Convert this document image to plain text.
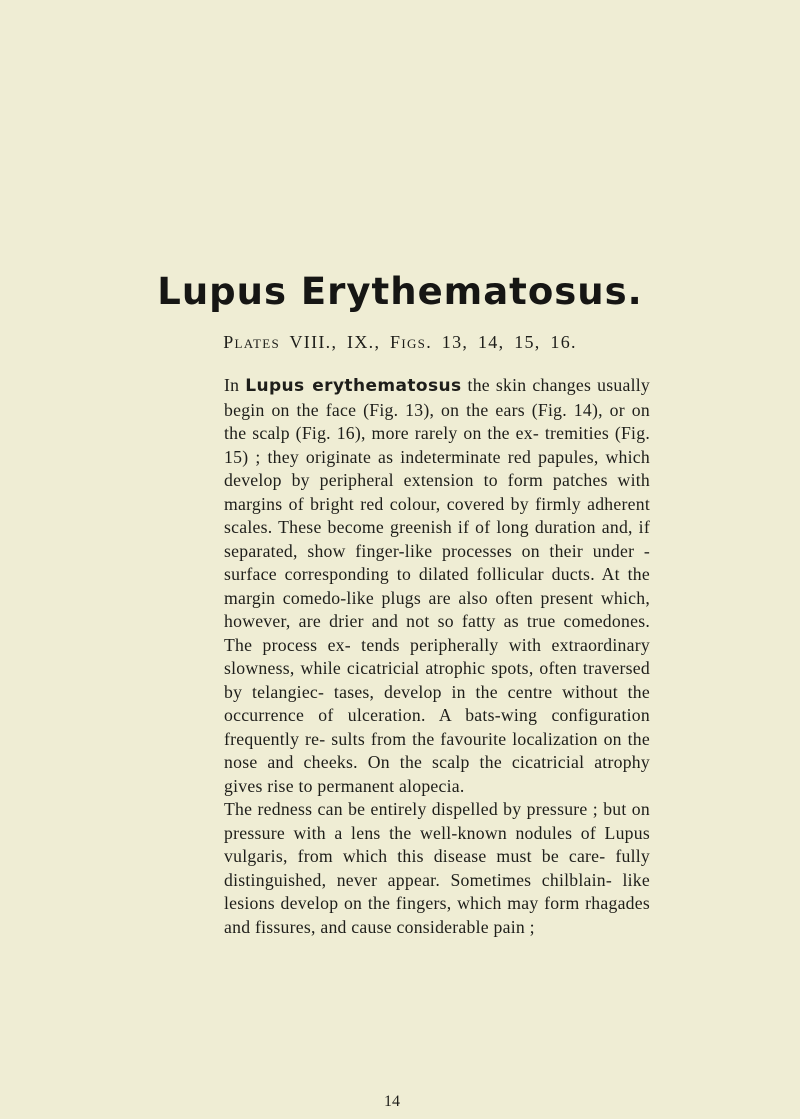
Lupus Erythematosus.
Plates VIII., IX., Figs. 13, 14, 15, 16.

In Lupus erythematosus the skin changes usually begin on the face (Fig. 13), on the ears (Fig. 14), or on the scalp (Fig. 16), more rarely on the ex- tremities (Fig. 15) ; they originate as indeterminate red papules, which develop by peripheral extension to form patches with margins of bright red colour, covered by firmly adherent scales. These become greenish if of long duration and, if separated, show finger-like processes on their under - surface corresponding to dilated follicular ducts. At the margin comedo-like plugs are also often present which, however, are drier and not so fatty as true comedones. The process ex- tends peripherally with extraordinary slowness, while cicatricial atrophic spots, often traversed by telangiec- tases, develop in the centre without the occurrence of ulceration. A bats-wing configuration frequently re- sults from the favourite localization on the nose and cheeks. On the scalp the cicatricial atrophy gives rise to permanent alopecia.

The redness can be entirely dispelled by pressure ; but on pressure with a lens the well-known nodules of Lupus vulgaris, from which this disease must be care- fully distinguished, never appear. Sometimes chilblain- like lesions develop on the fingers, which may form rhagades and fissures, and cause considerable pain ;

14
